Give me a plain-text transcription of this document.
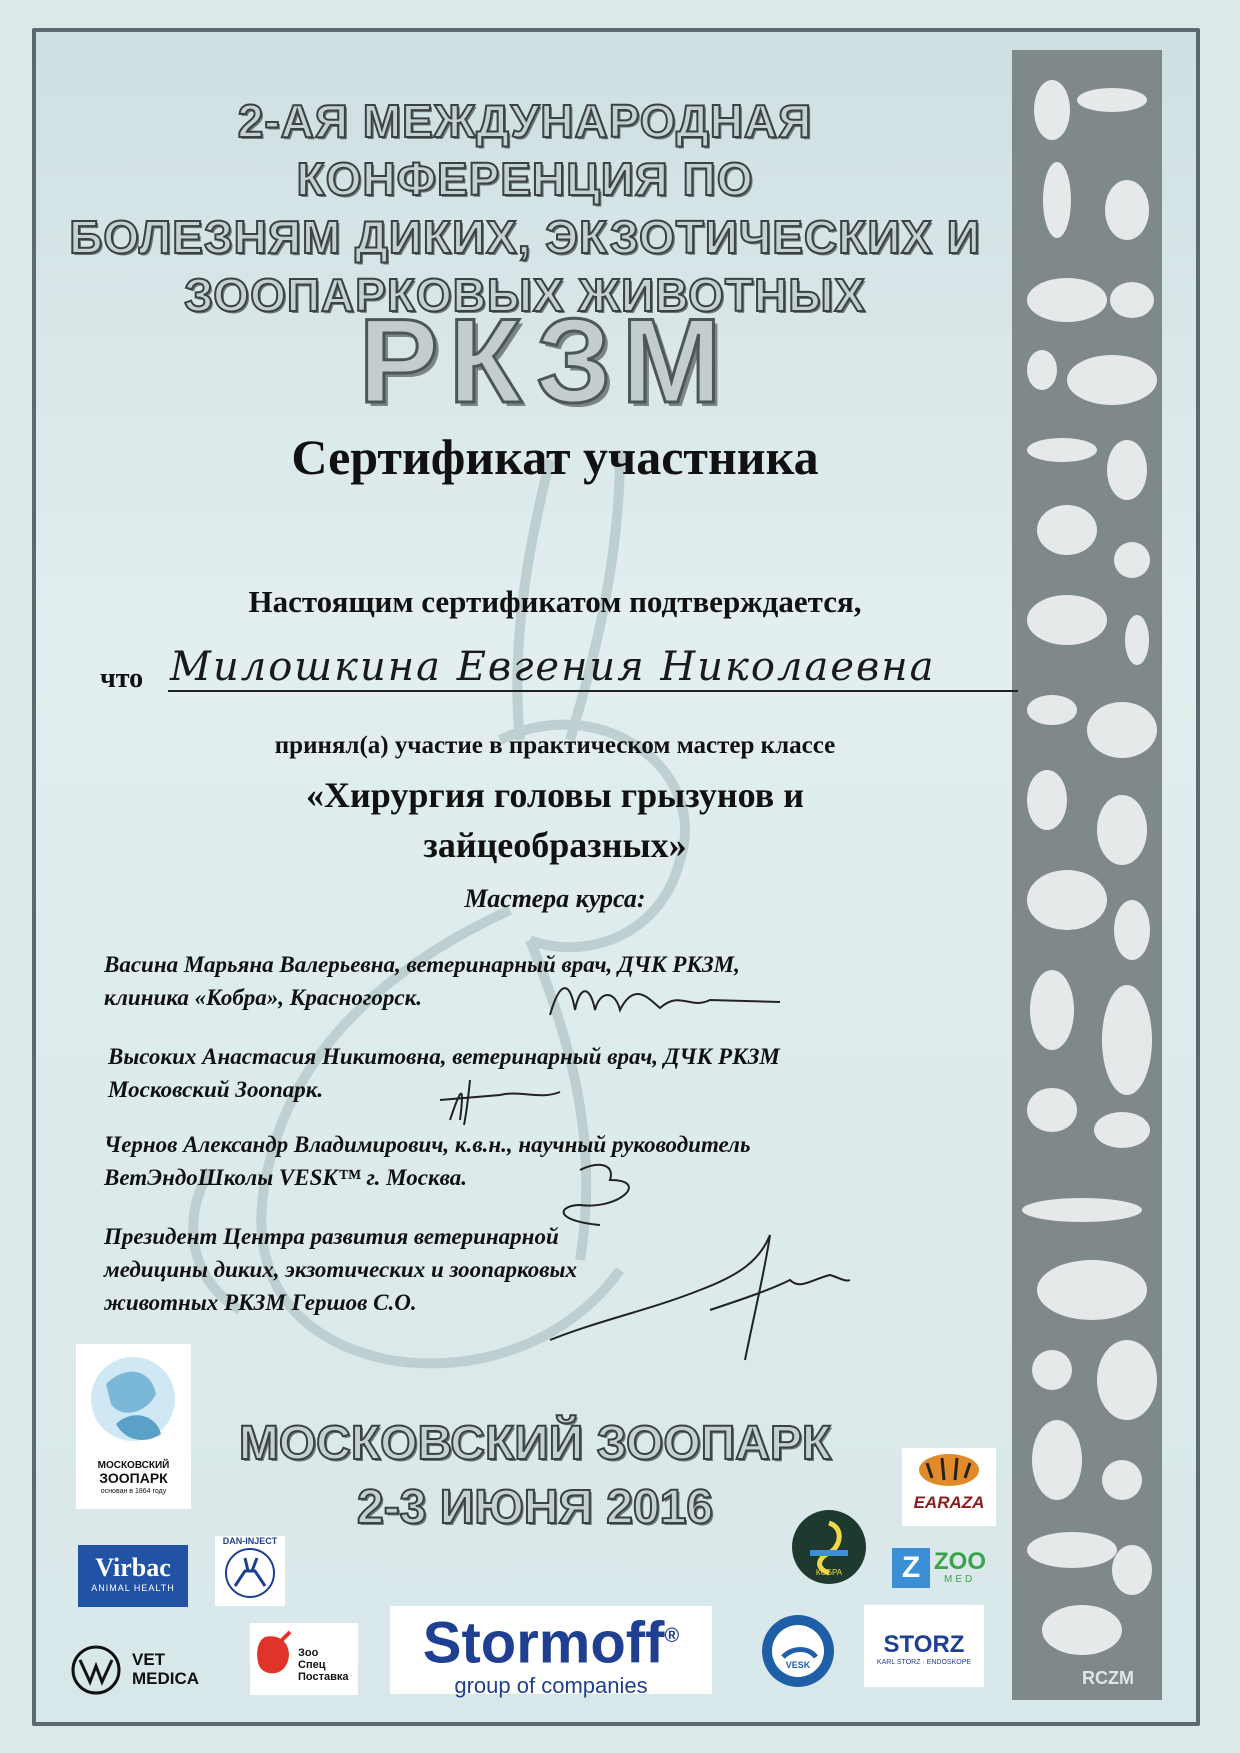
RCZM
2-АЯ МЕЖДУНАРОДНАЯ КОНФЕРЕНЦИЯ ПО
БОЛЕЗНЯМ ДИКИХ, ЭКЗОТИЧЕСКИХ И
ЗООПАРКОВЫХ ЖИВОТНЫХ
РКЗМ
Сертификат участника
Настоящим сертификатом подтверждается,
что Милошкина Евгения Николаевна
принял(а) участие в практическом мастер классе
«Хирургия головы грызунов и
зайцеобразных»
Мастера курса:
Васина Марьяна Валерьевна, ветеринарный врач, ДЧК РКЗМ,
клиника «Кобра», Красногорск.
Высоких Анастасия Никитовна, ветеринарный врач, ДЧК РКЗМ
Московский Зоопарк.
Чернов Александр Владимирович, к.в.н., научный руководитель
ВетЭндоШколы VESK™ г. Москва.
Президент Центра развития ветеринарной
медицины диких, экзотических и зоопарковых
животных РКЗМ Гершов С.О.
МОСКОВСКИЙ ЗООПАРК
2-3 ИЮНЯ 2016
МОСКОВСКИЙ
ЗООПАРК
основан в 1864 году
Virbac
ANIMAL HEALTH
DAN-INJECT
VET
MEDICA
Зоо
Спец
Поставка
Stormoff®
group of companies
VESK
STORZ
KARL STORZ · ENDOSKOPE
КОБРА
EARAZA
Z ZOO
MED
